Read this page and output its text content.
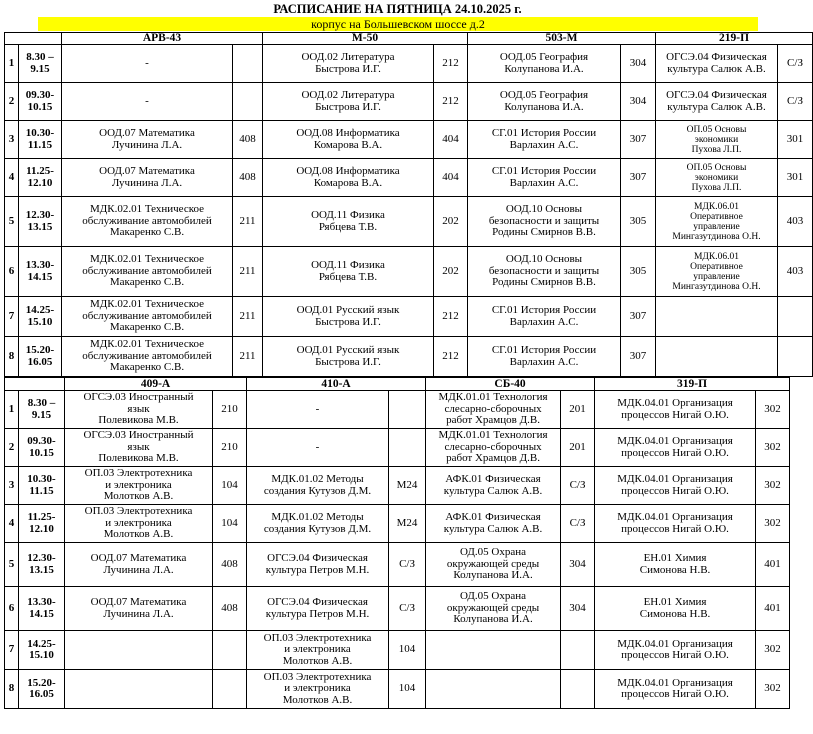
РАСПИСАНИЕ НА ПЯТНИЦА 24.10.2025 г.
корпус на Большевском шоссе д.2
		АРВ-43		М-50		503-М		219-П	
1	8.30 –
9.15	-		ООД.02 Литература
Быстрова И.Г.	212	ООД.05 География
Колупанова И.А.	304	ОГСЭ.04 Физическая
культура Салюк А.В.	С/З
2	09.30-
10.15	-		ООД.02 Литература
Быстрова И.Г.	212	ООД.05 География
Колупанова И.А.	304	ОГСЭ.04 Физическая
культура Салюк А.В.	С/З
3	10.30-
11.15	ООД.07 Математика
Лучинина Л.А.	408	ООД.08 Информатика
Комарова В.А.	404	СГ.01 История России
Варлахин А.С.	307	ОП.05 Основы
экономики
Пухова Л.П.	301
4	11.25-
12.10	ООД.07 Математика
Лучинина Л.А.	408	ООД.08 Информатика
Комарова В.А.	404	СГ.01 История России
Варлахин А.С.	307	ОП.05 Основы
экономики
Пухова Л.П.	301
5	12.30-
13.15	МДК.02.01 Техническое
обслуживание автомобилей
Макаренко С.В.	211	ООД.11 Физика
Рябцева Т.В.	202	ООД.10 Основы
безопасности и защиты
Родины Смирнов В.В.	305	МДК.06.01
Оперативное
управление
Мингазутдинова О.Н.	403
6	13.30-
14.15	МДК.02.01 Техническое
обслуживание автомобилей
Макаренко С.В.	211	ООД.11 Физика
Рябцева Т.В.	202	ООД.10 Основы
безопасности и защиты
Родины Смирнов В.В.	305	МДК.06.01
Оперативное
управление
Мингазутдинова О.Н.	403
7	14.25-
15.10	МДК.02.01 Техническое
обслуживание автомобилей
Макаренко С.В.	211	ООД.01 Русский язык
Быстрова И.Г.	212	СГ.01 История России
Варлахин А.С.	307		
8	15.20-
16.05	МДК.02.01 Техническое
обслуживание автомобилей
Макаренко С.В.	211	ООД.01 Русский язык
Быстрова И.Г.	212	СГ.01 История России
Варлахин А.С.	307		
		409-А		410-А		СБ-40		319-П	
1	8.30 –
9.15	ОГСЭ.03 Иностранный
язык
Полевикова М.В.	210	-		МДК.01.01 Технология
слесарно-сборочных
работ Храмцов Д.В.	201	МДК.04.01 Организация
процессов Нигай О.Ю.	302
2	09.30-
10.15	ОГСЭ.03 Иностранный
язык
Полевикова М.В.	210	-		МДК.01.01 Технология
слесарно-сборочных
работ Храмцов Д.В.	201	МДК.04.01 Организация
процессов Нигай О.Ю.	302
3	10.30-
11.15	ОП.03 Электротехника
и электроника
Молотков А.В.	104	МДК.01.02 Методы
создания Кутузов Д.М.	М24	АФК.01 Физическая
культура Салюк А.В.	С/З	МДК.04.01 Организация
процессов Нигай О.Ю.	302
4	11.25-
12.10	ОП.03 Электротехника
и электроника
Молотков А.В.	104	МДК.01.02 Методы
создания Кутузов Д.М.	М24	АФК.01 Физическая
культура Салюк А.В.	С/З	МДК.04.01 Организация
процессов Нигай О.Ю.	302
5	12.30-
13.15	ООД.07 Математика
Лучинина Л.А.	408	ОГСЭ.04 Физическая
культура Петров М.Н.	С/З	ОД.05 Охрана
окружающей среды
Колупанова И.А.	304	ЕН.01 Химия
Симонова Н.В.	401
6	13.30-
14.15	ООД.07 Математика
Лучинина Л.А.	408	ОГСЭ.04 Физическая
культура Петров М.Н.	С/З	ОД.05 Охрана
окружающей среды
Колупанова И.А.	304	ЕН.01 Химия
Симонова Н.В.	401
7	14.25-
15.10			ОП.03 Электротехника
и электроника
Молотков А.В.	104			МДК.04.01 Организация
процессов Нигай О.Ю.	302
8	15.20-
16.05			ОП.03 Электротехника
и электроника
Молотков А.В.	104			МДК.04.01 Организация
процессов Нигай О.Ю.	302
